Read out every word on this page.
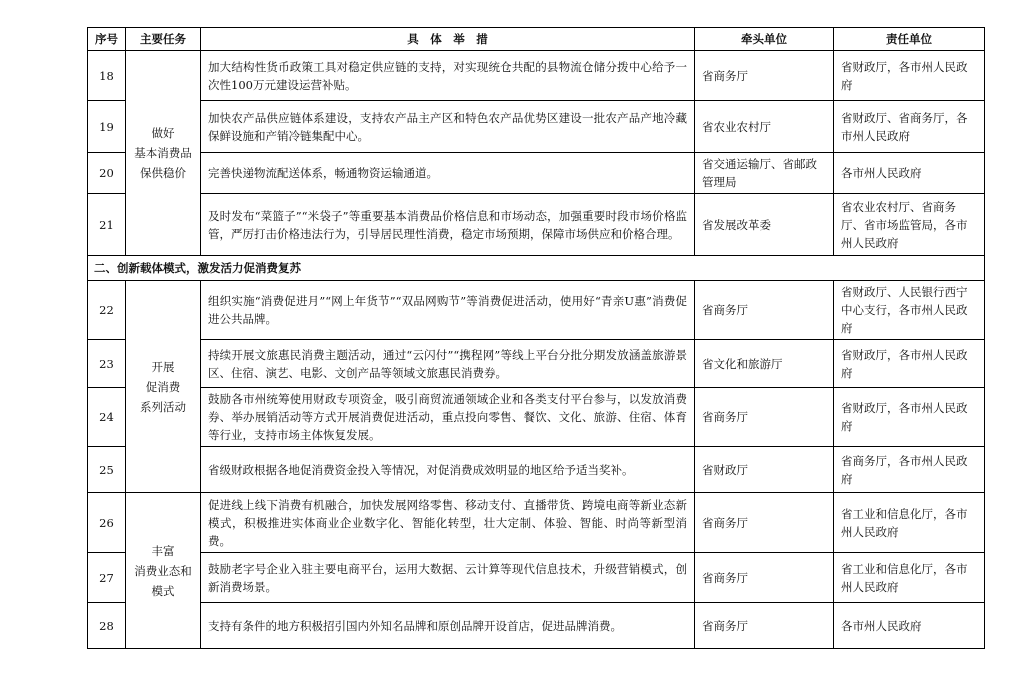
序号	主要任务	具　体　举　措	牵头单位	责任单位
18	做好
基本消费品
保供稳价	加大结构性货币政策工具对稳定供应链的支持，对实现统仓共配的县物流仓储分拨中心给予一次性100万元建设运营补贴。	省商务厅	省财政厅，各市州人民政府
19		加快农产品供应链体系建设，支持农产品主产区和特色农产品优势区建设一批农产品产地冷藏保鲜设施和产销冷链集配中心。	省农业农村厅	省财政厅、省商务厅，各市州人民政府
20		完善快递物流配送体系，畅通物资运输通道。	省交通运输厅、省邮政管理局	各市州人民政府
21		及时发布“菜篮子”“米袋子”等重要基本消费品价格信息和市场动态，加强重要时段市场价格监管，严厉打击价格违法行为，引导居民理性消费，稳定市场预期，保障市场供应和价格合理。	省发展改革委	省农业农村厅、省商务厅、省市场监管局，各市州人民政府
二、创新载体模式，激发活力促消费复苏				
22	开展
促消费
系列活动	组织实施“消费促进月”“网上年货节”“双品网购节”等消费促进活动，使用好“青亲U惠”消费促进公共品牌。	省商务厅	省财政厅、人民银行西宁中心支行，各市州人民政府
23		持续开展文旅惠民消费主题活动，通过“云闪付”“携程网”等线上平台分批分期发放涵盖旅游景区、住宿、演艺、电影、文创产品等领域文旅惠民消费券。	省文化和旅游厅	省财政厅，各市州人民政府
24		鼓励各市州统筹使用财政专项资金，吸引商贸流通领域企业和各类支付平台参与，以发放消费券、举办展销活动等方式开展消费促进活动，重点投向零售、餐饮、文化、旅游、住宿、体育等行业，支持市场主体恢复发展。	省商务厅	省财政厅，各市州人民政府
25		省级财政根据各地促消费资金投入等情况，对促消费成效明显的地区给予适当奖补。	省财政厅	省商务厅，各市州人民政府
26	丰富
消费业态和
模式	促进线上线下消费有机融合，加快发展网络零售、移动支付、直播带货、跨境电商等新业态新模式，积极推进实体商业企业数字化、智能化转型，壮大定制、体验、智能、时尚等新型消费。	省商务厅	省工业和信息化厅，各市州人民政府
27		鼓励老字号企业入驻主要电商平台，运用大数据、云计算等现代信息技术，升级营销模式，创新消费场景。	省商务厅	省工业和信息化厅，各市州人民政府
28		支持有条件的地方积极招引国内外知名品牌和原创品牌开设首店，促进品牌消费。	省商务厅	各市州人民政府
